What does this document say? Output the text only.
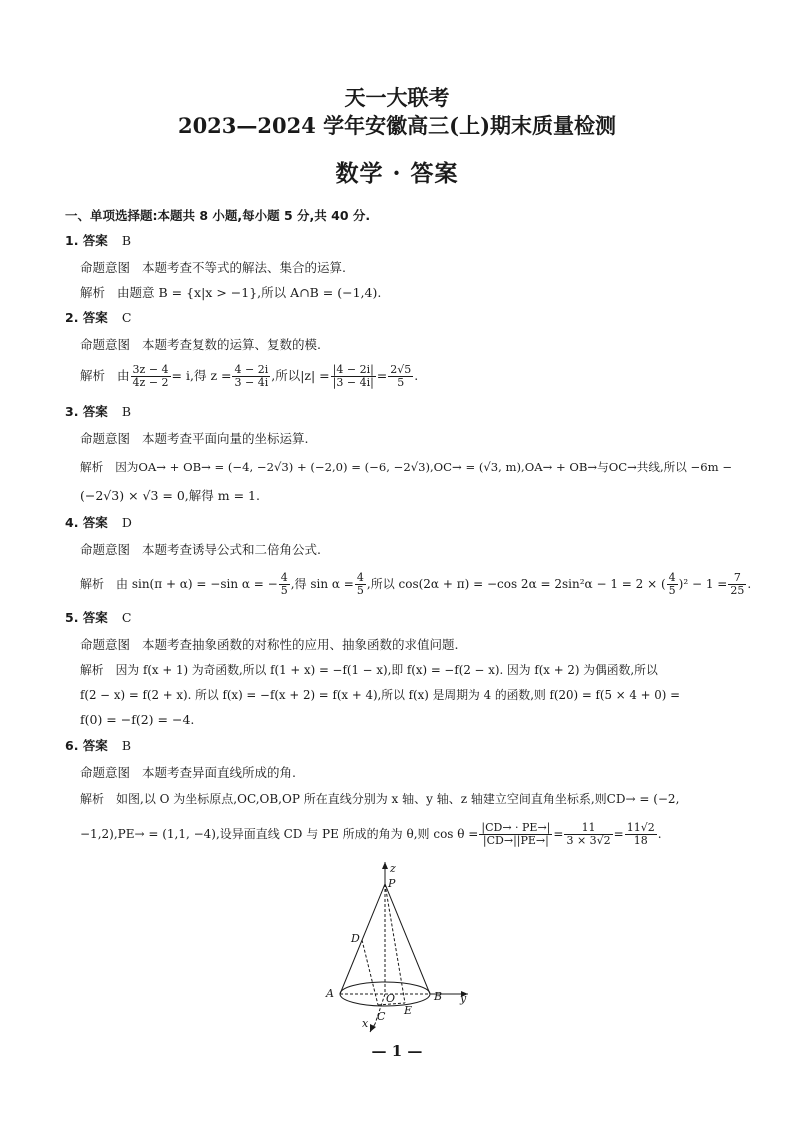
天一大联考
2023—2024 学年安徽高三(上)期末质量检测
数学 · 答案
一、单项选择题:本题共 8 小题,每小题 5 分,共 40 分.
1. 答案 B
命题意图 本题考查不等式的解法、集合的运算.
解析 由题意 B = {x|x > −1},所以 A∩B = (−1,4).
2. 答案 C
命题意图 本题考查复数的运算、复数的模.
解析 由 $\frac{3z - 4}{4z - 2} = i$,得 $z = \frac{4 - 2i}{3 - 4i}$ ,所以$|z| = \frac{|4 - 2i|}{|3 - 4i|} = \frac{2√5}{5}$ .
3. 答案 B
命题意图 本题考查平面向量的坐标运算.
解析 因为OA→ + OB→ = (−4, −2√3) + (−2,0) = (−6, −2√3),OC→ = (√3, m),OA→ + OB→与OC→共线,所以 −6m −
(−2√3) × √3 = 0,解得 m = 1.
4. 答案 D
命题意图 本题考查诱导公式和二倍角公式.
解析 由 sin(π + α) = −sin α = − $\frac{4}{5}$ ,得 $\sin \alpha = \frac{4}{5}$ ,所以 cos(2α + π) = −cos 2α = 2sin²α − 1 = 2 × ( $\frac{4}{5} )^2 - 1 = \frac{7}{25}$ .
5. 答案 C
命题意图 本题考查抽象函数的对称性的应用、抽象函数的求值问题.
解析 因为 f(x + 1) 为奇函数,所以 f(1 + x) = −f(1 − x),即 f(x) = −f(2 − x). 因为 f(x + 2) 为偶函数,所以
f(2 − x) = f(2 + x). 所以 f(x) = −f(x + 2) = f(x + 4),所以 f(x) 是周期为 4 的函数,则 f(20) = f(5 × 4 + 0) =
f(0) = −f(2) = −4.
6. 答案 B
命题意图 本题考查异面直线所成的角.
解析 如图,以 O 为坐标原点,OC,OB,OP 所在直线分别为 x 轴、y 轴、z 轴建立空间直角坐标系,则CD→ = (−2,
−1,2),PE→ = (1,1, −4),设异面直线 CD 与 PE 所成的角为 θ,则 $\cos \theta = \frac{|CD\to \cdot PE\to|}{|CD\to||PE\to|} = \frac{11}{3 \times 3√2} = \frac{11√2}{18}$ .
z
P
D
A	O	B y
E
C
x
— 1 —
